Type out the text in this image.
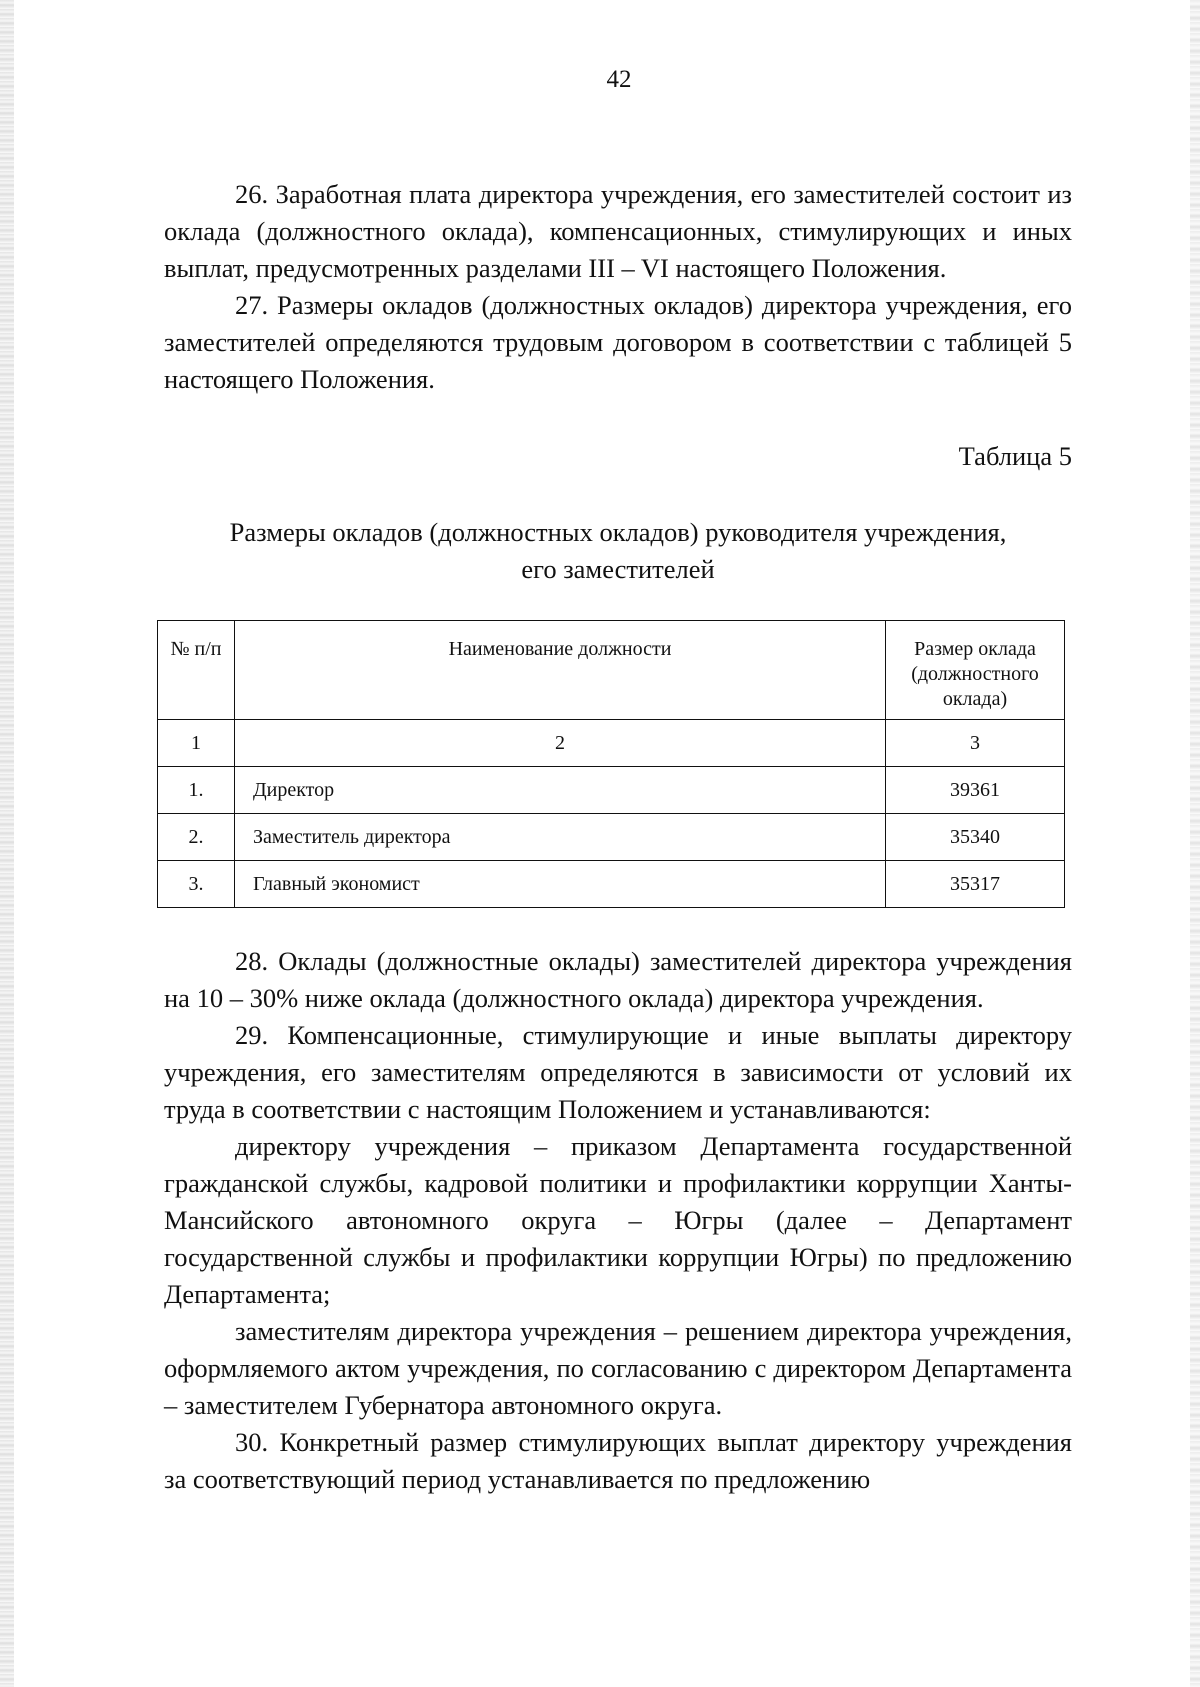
42

26. Заработная плата директора учреждения, его заместителей состоит из оклада (должностного оклада), компенсационных, стимулирующих и иных выплат, предусмотренных разделами III – VI настоящего Положения.

27. Размеры окладов (должностных окладов) директора учреждения, его заместителей определяются трудовым договором в соответствии с таблицей 5 настоящего Положения.

Таблица 5

Размеры окладов (должностных окладов) руководителя учреждения,
его заместителей
№ п/п	Наименование должности	Размер оклада (должностного оклада)
1	2	3
1.	Директор	39361
2.	Заместитель директора	35340
3.	Главный экономист	35317

28. Оклады (должностные оклады) заместителей директора учреждения на 10 – 30% ниже оклада (должностного оклада) директора учреждения.

29. Компенсационные, стимулирующие и иные выплаты директору учреждения, его заместителям определяются в зависимости от условий их труда в соответствии с настоящим Положением и устанавливаются:

директору учреждения – приказом Департамента государственной гражданской службы, кадровой политики и профилактики коррупции Ханты-Мансийского автономного округа – Югры (далее – Департамент государственной службы и профилактики коррупции Югры) по предложению Департамента;

заместителям директора учреждения – решением директора учреждения, оформляемого актом учреждения, по согласованию с директором Департамента – заместителем Губернатора автономного округа.

30. Конкретный размер стимулирующих выплат директору учреждения за соответствующий период устанавливается по предложению
